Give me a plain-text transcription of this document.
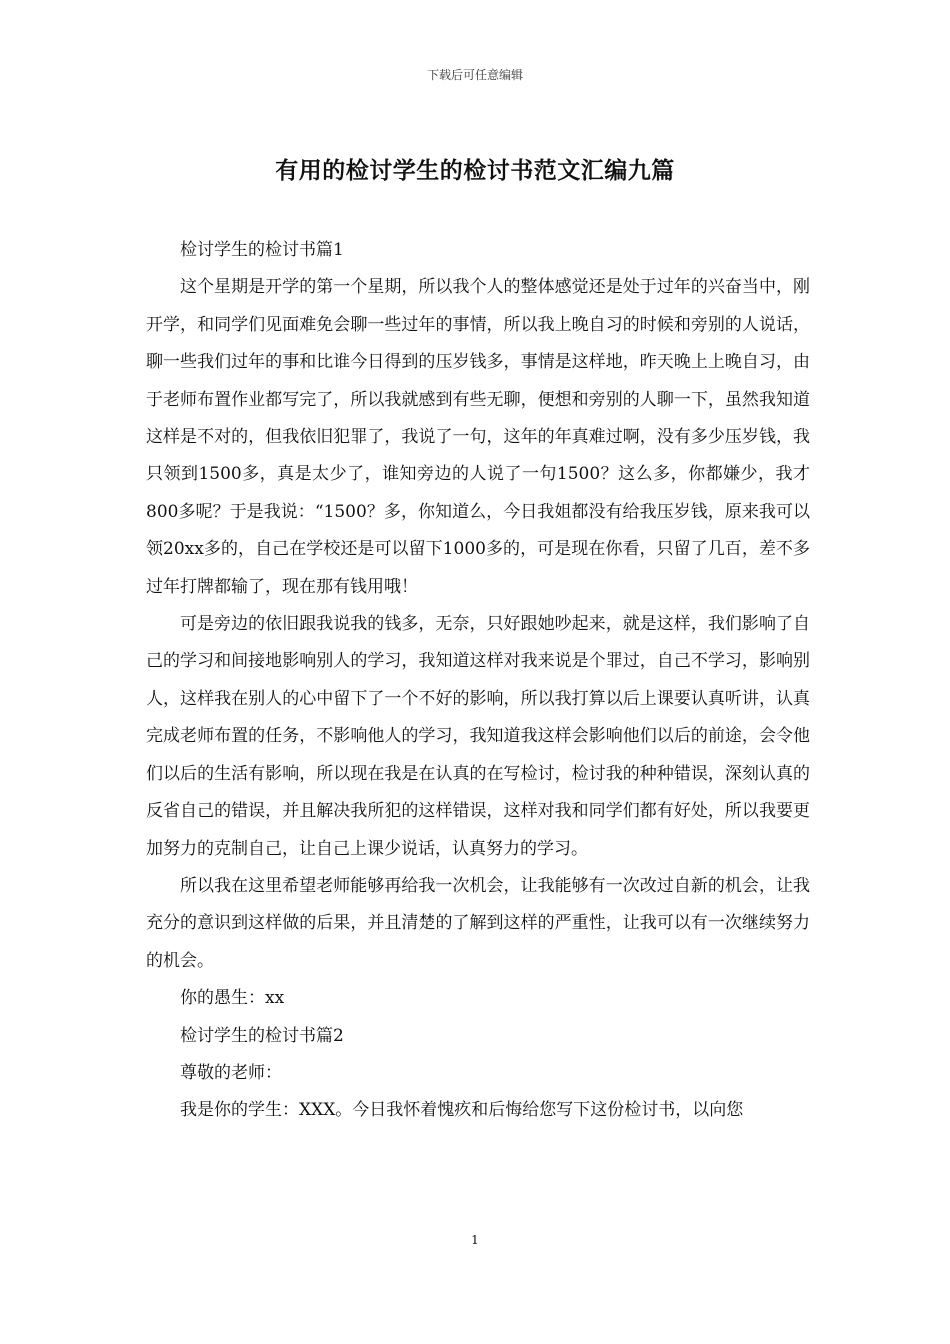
下载后可任意编辑
有用的检讨学生的检讨书范文汇编九篇

检讨学生的检讨书篇1

这个星期是开学的第一个星期，所以我个人的整体感觉还是处于过年的兴奋当中，刚开学，和同学们见面难免会聊一些过年的事情，所以我上晚自习的时候和旁别的人说话，聊一些我们过年的事和比谁今日得到的压岁钱多，事情是这样地，昨天晚上上晚自习，由于老师布置作业都写完了，所以我就感到有些无聊，便想和旁别的人聊一下，虽然我知道这样是不对的，但我依旧犯罪了，我说了一句，这年的年真难过啊，没有多少压岁钱，我只领到1500多，真是太少了，谁知旁边的人说了一句1500？这么多，你都嫌少，我才800多呢？于是我说：“1500？多，你知道么，今日我姐都没有给我压岁钱，原来我可以领20xx多的，自己在学校还是可以留下1000多的，可是现在你看，只留了几百，差不多过年打牌都输了，现在那有钱用哦！

可是旁边的依旧跟我说我的钱多，无奈，只好跟她吵起来，就是这样，我们影响了自己的学习和间接地影响别人的学习，我知道这样对我来说是个罪过，自己不学习，影响别人，这样我在别人的心中留下了一个不好的影响，所以我打算以后上课要认真听讲，认真完成老师布置的任务，不影响他人的学习，我知道我这样会影响他们以后的前途，会令他们以后的生活有影响，所以现在我是在认真的在写检讨，检讨我的种种错误，深刻认真的反省自己的错误，并且解决我所犯的这样错误，这样对我和同学们都有好处，所以我要更加努力的克制自己，让自己上课少说话，认真努力的学习。

所以我在这里希望老师能够再给我一次机会，让我能够有一次改过自新的机会，让我充分的意识到这样做的后果，并且清楚的了解到这样的严重性，让我可以有一次继续努力的机会。

你的愚生：xx

检讨学生的检讨书篇2

尊敬的老师：

我是你的学生：XXX。今日我怀着愧疚和后悔给您写下这份检讨书，以向您

1
